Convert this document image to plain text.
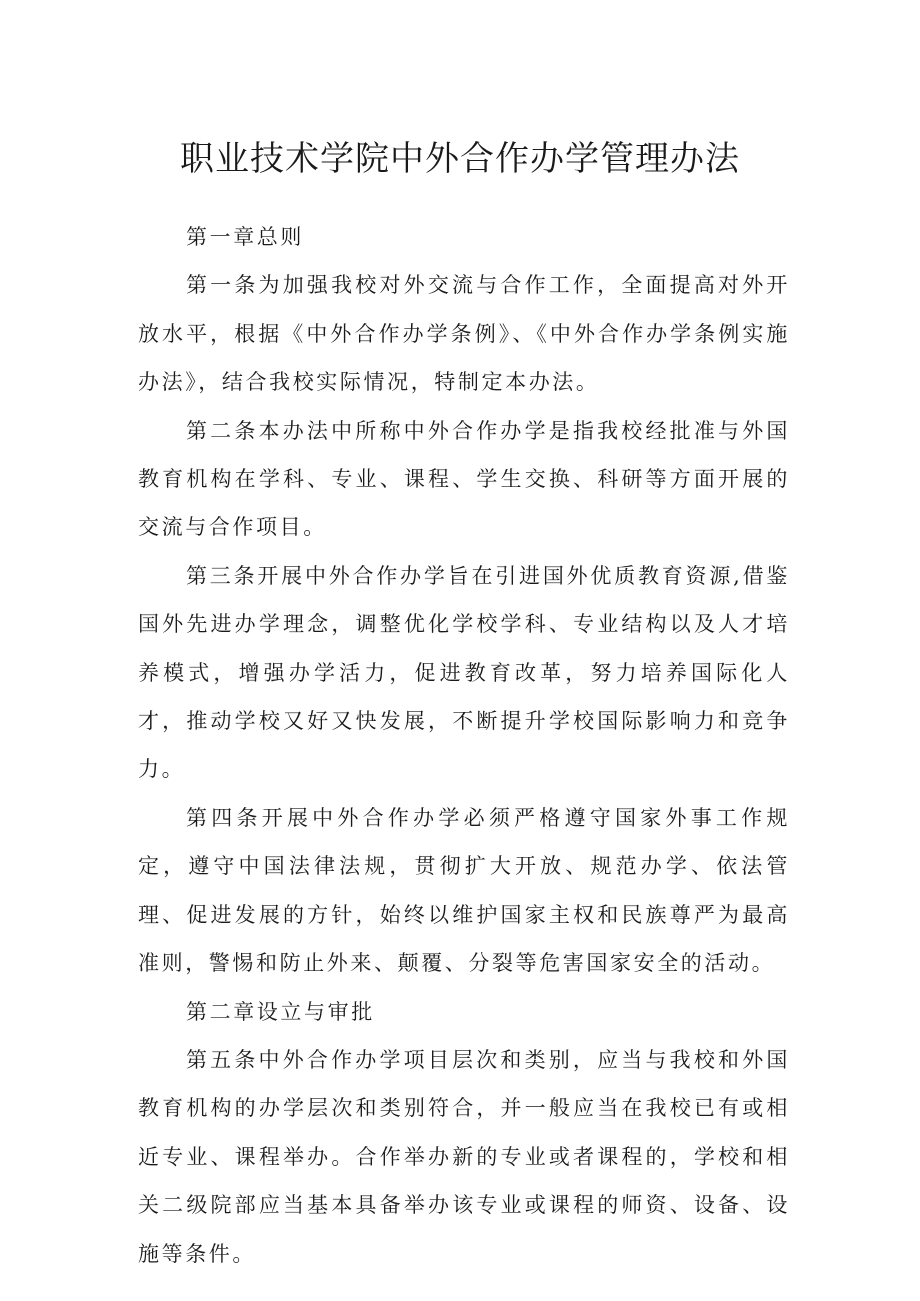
职业技术学院中外合作办学管理办法

第一章总则

第一条为加强我校对外交流与合作工作，全面提高对外开放水平，根据《中外合作办学条例》、《中外合作办学条例实施办法》，结合我校实际情况，特制定本办法。

第二条本办法中所称中外合作办学是指我校经批准与外国教育机构在学科、专业、课程、学生交换、科研等方面开展的交流与合作项目。

第三条开展中外合作办学旨在引进国外优质教育资源,借鉴国外先进办学理念，调整优化学校学科、专业结构以及人才培养模式，增强办学活力，促进教育改革，努力培养国际化人才，推动学校又好又快发展，不断提升学校国际影响力和竞争力。

第四条开展中外合作办学必须严格遵守国家外事工作规定，遵守中国法律法规，贯彻扩大开放、规范办学、依法管理、促进发展的方针，始终以维护国家主权和民族尊严为最高准则，警惕和防止外来、颠覆、分裂等危害国家安全的活动。

第二章设立与审批

第五条中外合作办学项目层次和类别，应当与我校和外国教育机构的办学层次和类别符合，并一般应当在我校已有或相近专业、课程举办。合作举办新的专业或者课程的，学校和相关二级院部应当基本具备举办该专业或课程的师资、设备、设施等条件。
